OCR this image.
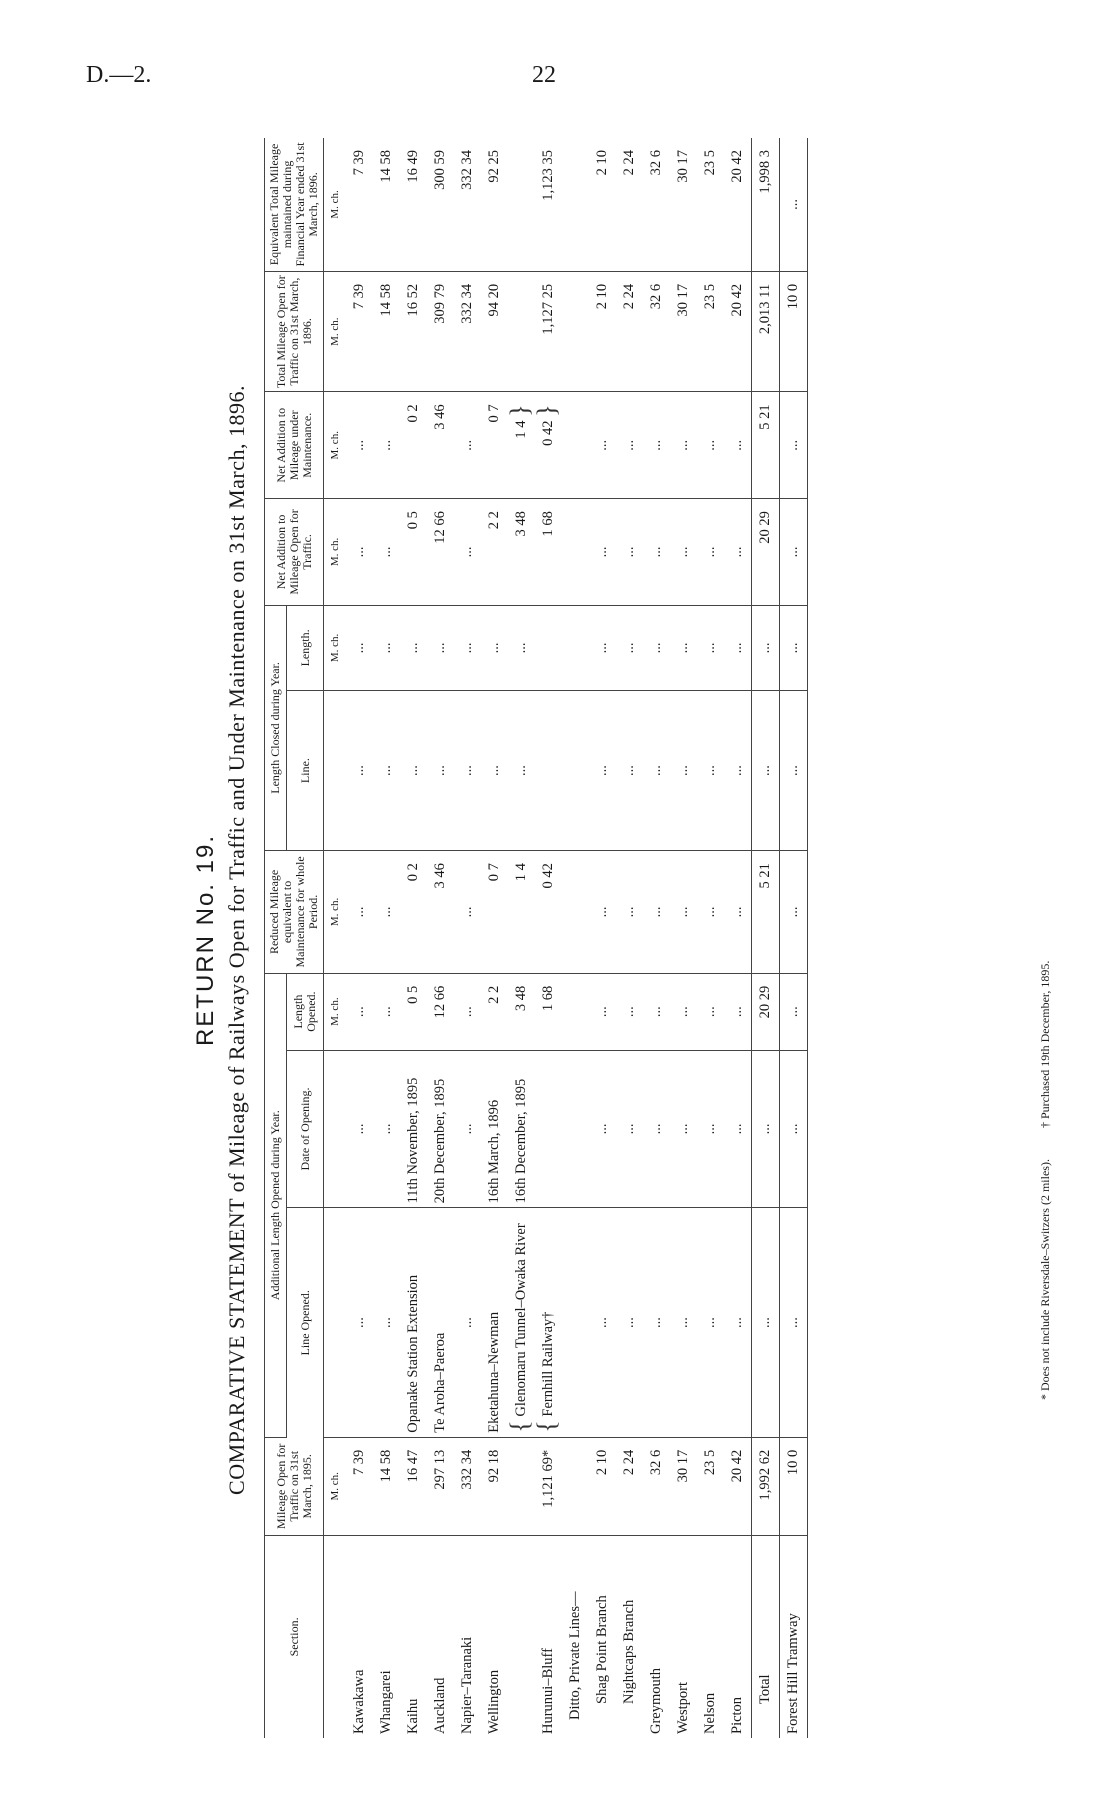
D.—2.	22
RETURN No. 19. COMPARATIVE STATEMENT of Mileage of Railways Open for Traffic and Under Maintenance on 31st March, 1896.
Section.	Mileage Open for Traffic on 31st March, 1895.	Additional Length Opened during Year.			Reduced Mileage equivalent to Maintenance for whole Period.	Length Closed during Year.		Net Addition to Mileage Open for Traffic.	Net Addition to Mileage under Maintenance.	Total Mileage Open for Traffic on 31st March, 1896.	Equivalent Total Mileage maintained during Financial Year ended 31st March, 1896.
		Line Opened.	Date of Opening.	Length Opened.		Line.	Length.				
	M. ch.			M. ch.	M. ch.		M. ch.	M. ch.	M. ch.	M. ch.	M. ch.
Kawakawa	7 39	...	...	...	...	...	...	...	...	7 39	7 39
Whangarei	14 58	...	...	...	...	...	...	...	...	14 58	14 58
Kaihu	16 47	Opanake Station Extension	11th November, 1895	0 5	0 2	...	...	0 5	0 2	16 52	16 49
Auckland	297 13	Te Aroha–Paeroa	20th December, 1895	12 66	3 46	...	...	12 66	3 46	309 79	300 59
Napier–Taranaki	332 34	...	...	...	...	...	...	...	...	332 34	332 34
Wellington	92 18	Eketahuna–Newman	16th March, 1896	2 2	0 7	...	...	2 2	0 7	94 20	92 25
		{ Glenomaru Tunnel–Owaka River	16th December, 1895	3 48	1 4	...	...	3 48	1 4 }		
Hurunui–Bluff	1,121 69*	{ Fernhill Railway†		1 68	0 42			1 68	0 42 }	1,127 25	1,123 35
Ditto, Private Lines—											
Shag Point Branch	2 10	...	...	...	...	...	...	...	...	2 10	2 10
Nightcaps Branch	2 24	...	...	...	...	...	...	...	...	2 24	2 24
Greymouth	32 6	...	...	...	...	...	...	...	...	32 6	32 6
Westport	30 17	...	...	...	...	...	...	...	...	30 17	30 17
Nelson	23 5	...	...	...	...	...	...	...	...	23 5	23 5
Picton	20 42	...	...	...	...	...	...	...	...	20 42	20 42
Total	1,992 62	...	...	20 29	5 21	...	...	20 29	5 21	2,013 11	1,998 3
Forest Hill Tramway	10 0	...	...	...	...	...	...	...	...	10 0	...
* Does not include Riversdale–Switzers (2 miles). † Purchased 19th December, 1895.
